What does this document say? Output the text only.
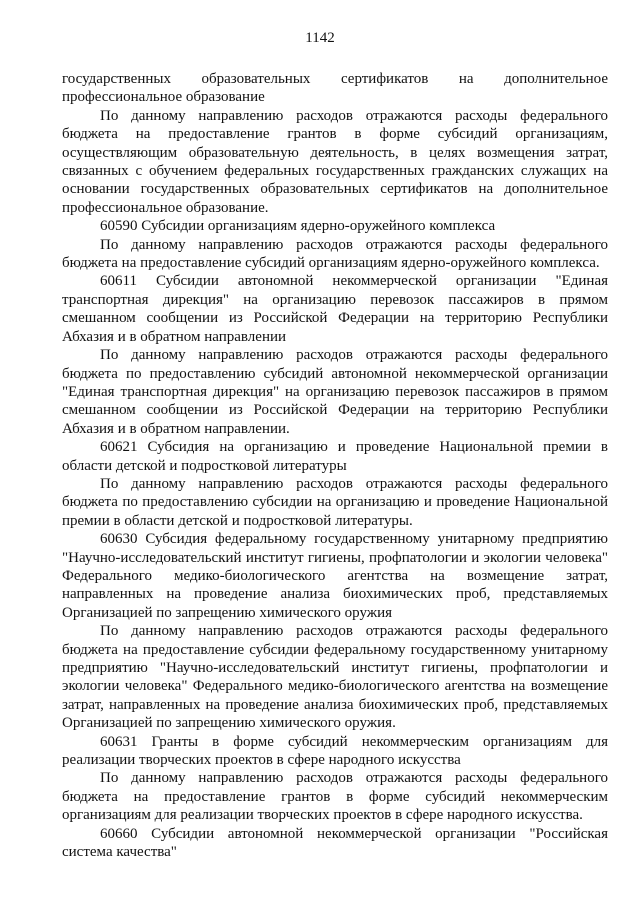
1142

государственных образовательных сертификатов на дополнительное профессиональное образование

По данному направлению расходов отражаются расходы федерального бюджета на предоставление грантов в форме субсидий организациям, осуществляющим образовательную деятельность, в целях возмещения затрат, связанных с обучением федеральных государственных гражданских служащих на основании государственных образовательных сертификатов на дополнительное профессиональное образование.

60590 Субсидии организациям ядерно-оружейного комплекса

По данному направлению расходов отражаются расходы федерального бюджета на предоставление субсидий организациям ядерно-оружейного комплекса.

60611 Субсидии автономной некоммерческой организации "Единая транспортная дирекция" на организацию перевозок пассажиров в прямом смешанном сообщении из Российской Федерации на территорию Республики Абхазия и в обратном направлении

По данному направлению расходов отражаются расходы федерального бюджета по предоставлению субсидий автономной некоммерческой организации "Единая транспортная дирекция" на организацию перевозок пассажиров в прямом смешанном сообщении из Российской Федерации на территорию Республики Абхазия и в обратном направлении.

60621 Субсидия на организацию и проведение Национальной премии в области детской и подростковой литературы

По данному направлению расходов отражаются расходы федерального бюджета по предоставлению субсидии на организацию и проведение Национальной премии в области детской и подростковой литературы.

60630 Субсидия федеральному государственному унитарному предприятию "Научно-исследовательский институт гигиены, профпатологии и экологии человека" Федерального медико-биологического агентства на возмещение затрат, направленных на проведение анализа биохимических проб, представляемых Организацией по запрещению химического оружия

По данному направлению расходов отражаются расходы федерального бюджета на предоставление субсидии федеральному государственному унитарному предприятию "Научно-исследовательский институт гигиены, профпатологии и экологии человека" Федерального медико-биологического агентства на возмещение затрат, направленных на проведение анализа биохимических проб, представляемых Организацией по запрещению химического оружия.

60631 Гранты в форме субсидий некоммерческим организациям для реализации творческих проектов в сфере народного искусства

По данному направлению расходов отражаются расходы федерального бюджета на предоставление грантов в форме субсидий некоммерческим организациям для реализации творческих проектов в сфере народного искусства.

60660 Субсидии автономной некоммерческой организации "Российская система качества"
